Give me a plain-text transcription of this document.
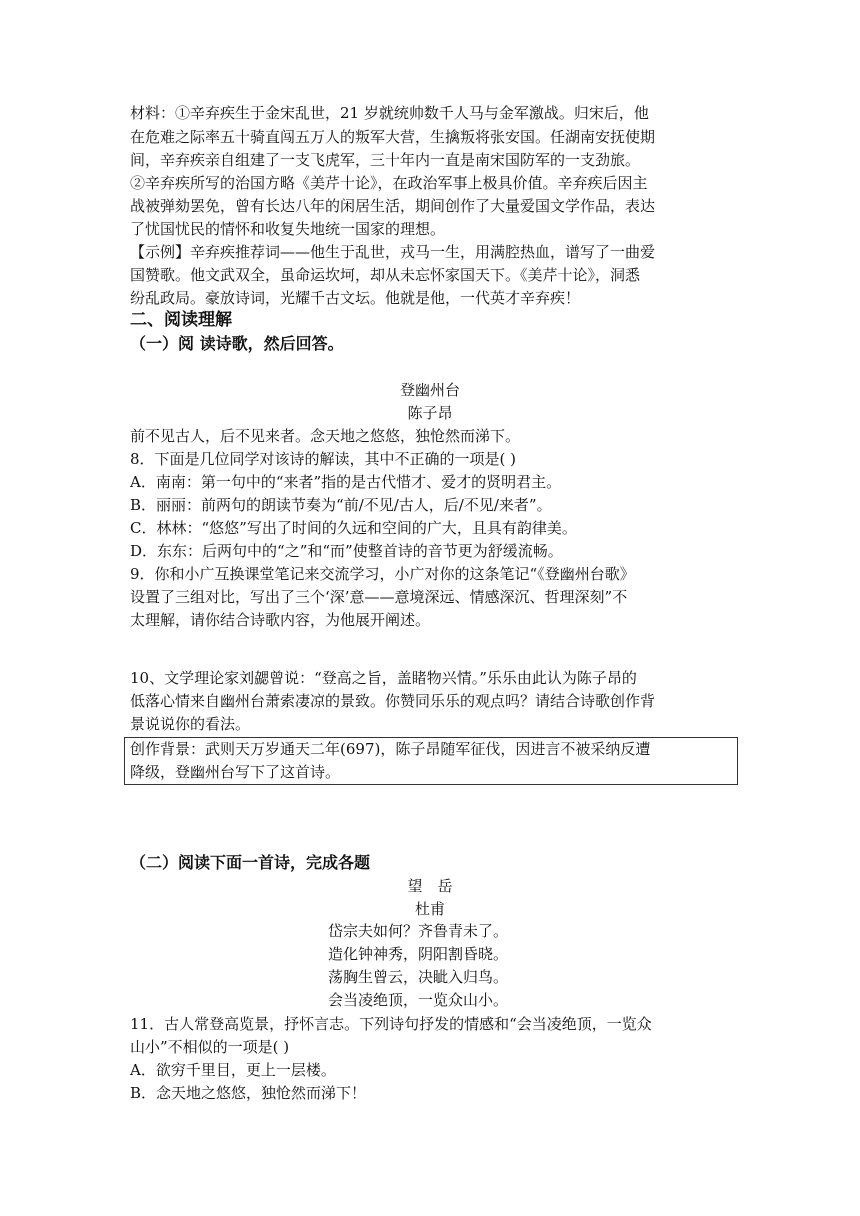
材料：①辛弃疾生于金宋乱世，21 岁就统帅数千人马与金军激战。归宋后，他
在危难之际率五十骑直闯五万人的叛军大营，生擒叛将张安国。任湖南安抚使期
间，辛弃疾亲自组建了一支飞虎军，三十年内一直是南宋国防军的一支劲旅。
②辛弃疾所写的治国方略《美芹十论》，在政治军事上极具价值。辛弃疾后因主
战被弹劾罢免，曾有长达八年的闲居生活，期间创作了大量爱国文学作品，表达
了忧国忧民的情怀和收复失地统一国家的理想。
【示例】辛弃疾推荐词——他生于乱世，戎马一生，用满腔热血，谱写了一曲爱
国赞歌。他文武双全，虽命运坎坷，却从未忘怀家国天下。《美芹十论》，洞悉
纷乱政局。豪放诗词，光耀千古文坛。他就是他，一代英才辛弃疾！
二、阅读理解
（一）阅 读诗歌，然后回答。
登幽州台
陈子昂
前不见古人，后不见来者。念天地之悠悠，独怆然而涕下。
8．下面是几位同学对该诗的解读，其中不正确的一项是( )
A．南南：第一句中的“来者”指的是古代惜才、爱才的贤明君主。
B．丽丽：前两句的朗读节奏为“前/不见/古人，后/不见/来者”。
C．林林：“悠悠”写出了时间的久远和空间的广大，且具有韵律美。
D．东东：后两句中的“之”和“而”使整首诗的音节更为舒缓流畅。
9．你和小广互换课堂笔记来交流学习，小广对你的这条笔记“《登幽州台歌》
设置了三组对比，写出了三个‘深’意——意境深远、情感深沉、哲理深刻”不
太理解，请你结合诗歌内容，为他展开阐述。
10、文学理论家刘勰曾说：“登高之旨，盖睹物兴情。”乐乐由此认为陈子昂的
低落心情来自幽州台萧索凄凉的景致。你赞同乐乐的观点吗？请结合诗歌创作背
景说说你的看法。
创作背景：武则天万岁通天二年(697)，陈子昂随军征伐，因进言不被采纳反遭
降级，登幽州台写下了这首诗。
（二）阅读下面一首诗，完成各题
望　岳
杜甫
岱宗夫如何？齐鲁青未了。
造化钟神秀，阴阳割昏晓。
荡胸生曾云，决眦入归鸟。
会当凌绝顶，一览众山小。
11．古人常登高览景，抒怀言志。下列诗句抒发的情感和“会当凌绝顶，一览众
山小”不相似的一项是( )
A．欲穷千里目，更上一层楼。
B．念天地之悠悠，独怆然而涕下！
